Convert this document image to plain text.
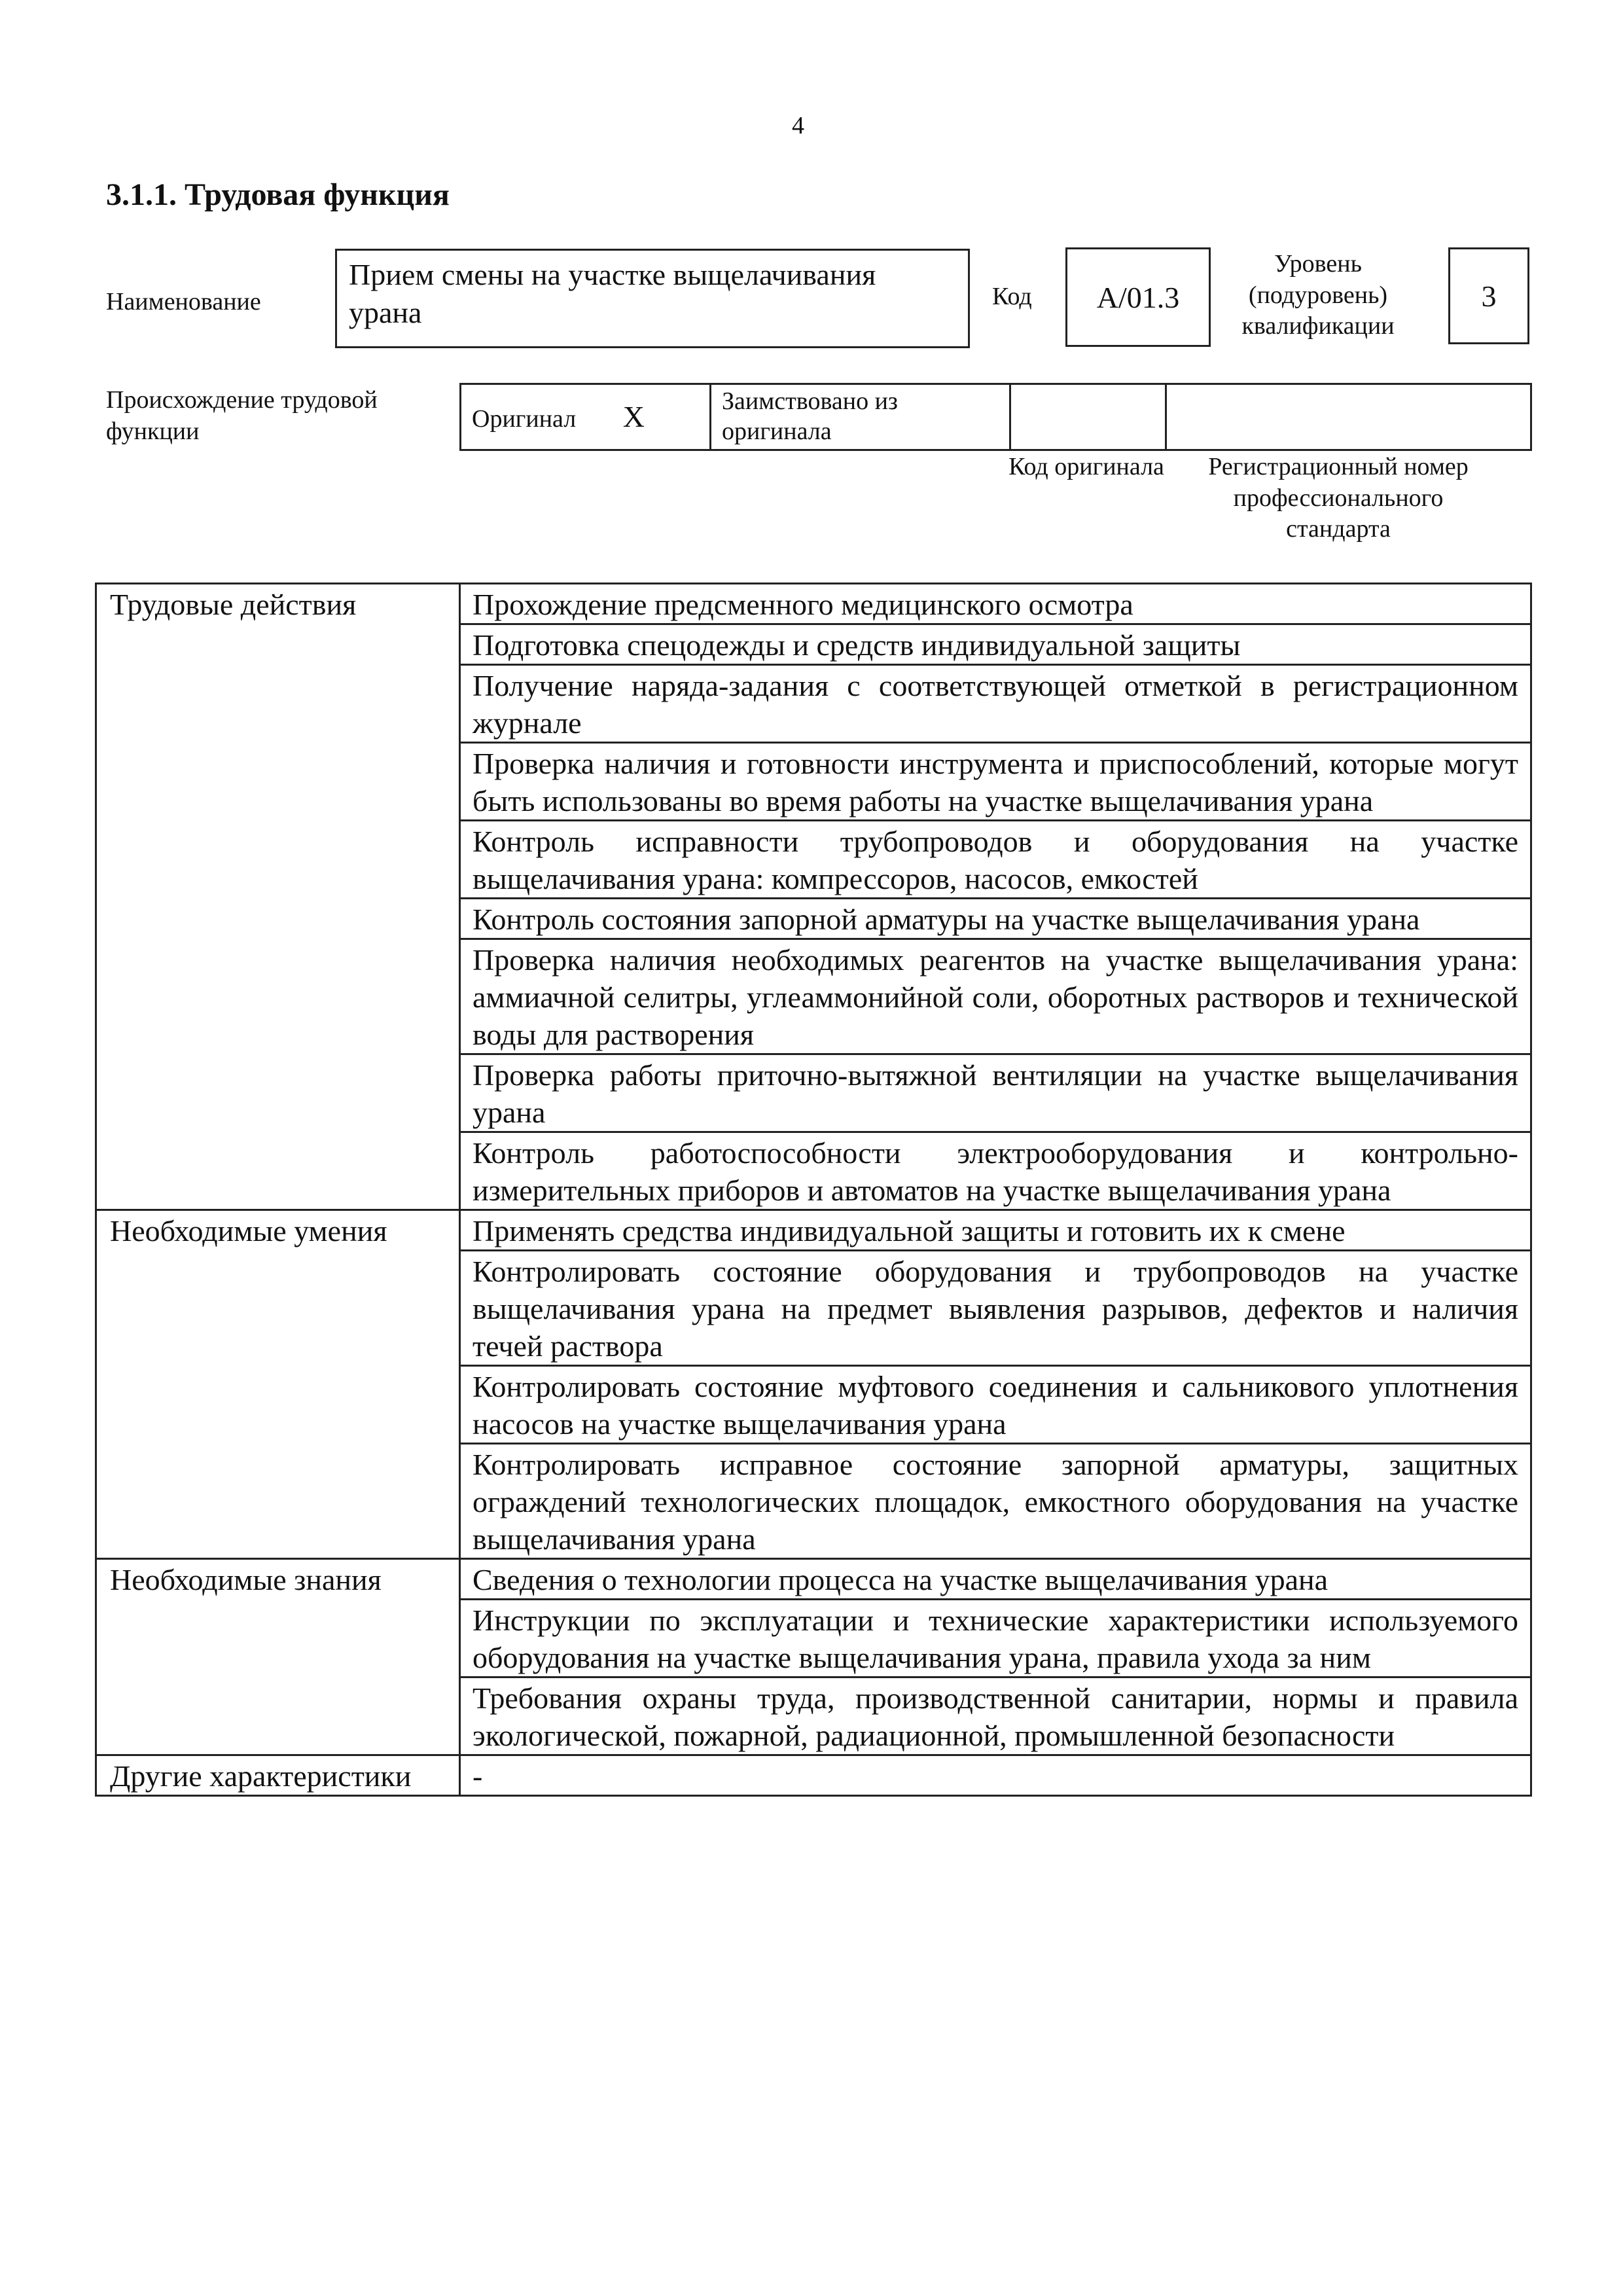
4
3.1.1. Трудовая функция
Наименование
Прием смены на участке выщелачивания урана	Код	А/01.3
Уровень (подуровень) квалификации
3
Происхождение трудовой функции	Оригинал X	Заимствовано из оригинала		
Код оригинала	Регистрационный номер профессионального стандарта
Трудовые действия	Прохождение предсменного медицинского осмотра
	Подготовка спецодежды и средств индивидуальной защиты
	Получение наряда-задания с соответствующей отметкой в регистрационном журнале
	Проверка наличия и готовности инструмента и приспособлений, которые могут быть использованы во время работы на участке выщелачивания урана
	Контроль исправности трубопроводов и оборудования на участке выщелачивания урана: компрессоров, насосов, емкостей
	Контроль состояния запорной арматуры на участке выщелачивания урана
	Проверка наличия необходимых реагентов на участке выщелачивания урана: аммиачной селитры, углеаммонийной соли, оборотных растворов и технической воды для растворения
	Проверка работы приточно-вытяжной вентиляции на участке выщелачивания урана
	Контроль работоспособности электрооборудования и контрольно-измерительных приборов и автоматов на участке выщелачивания урана
Необходимые умения	Применять средства индивидуальной защиты и готовить их к смене
	Контролировать состояние оборудования и трубопроводов на участке выщелачивания урана на предмет выявления разрывов, дефектов и наличия течей раствора
	Контролировать состояние муфтового соединения и сальникового уплотнения насосов на участке выщелачивания урана
	Контролировать исправное состояние запорной арматуры, защитных ограждений технологических площадок, емкостного оборудования на участке выщелачивания урана
Необходимые знания	Сведения о технологии процесса на участке выщелачивания урана
	Инструкции по эксплуатации и технические характеристики используемого оборудования на участке выщелачивания урана, правила ухода за ним
	Требования охраны труда, производственной санитарии, нормы и правила экологической, пожарной, радиационной, промышленной безопасности
Другие характеристики	-
